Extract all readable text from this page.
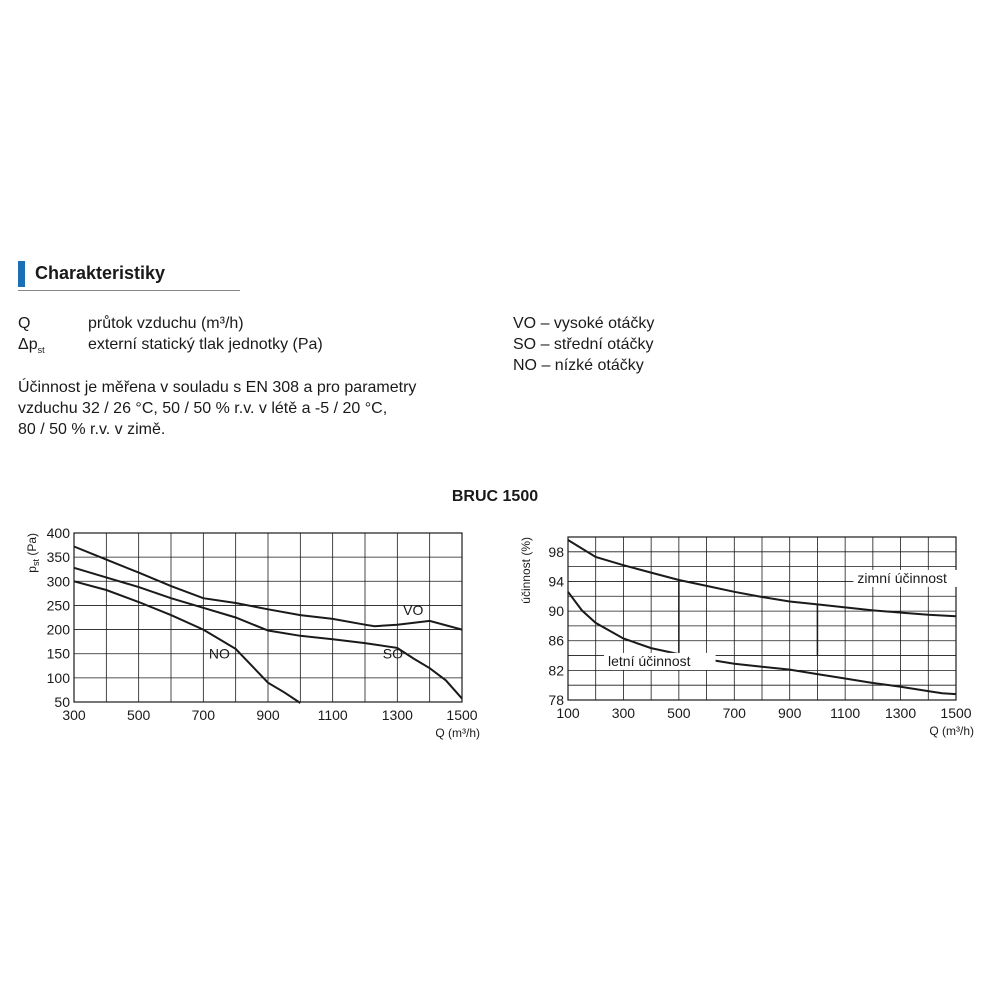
Charakteristiky
Q	průtok vzduchu (m³/h)
$\Delta p_{st}$	externí statický tlak jednotky (Pa)
VO – vysoké otáčky
SO – střední otáčky
NO – nízké otáčky
Účinnost je měřena v souladu s EN 308 a pro parametry
vzduchu 32 / 26 °C, 50 / 50 % r.v. v létě a -5 / 20 °C,
80 / 50 % r.v. v zimě.
BRUC 1500
300	500	700	900	1100 1300 1500
50
100
150
200
250
300
350
400
Q (m³/h)
$p_{st}$ (Pa)
VO
SO
NO
100 300 500 700 900 1100 1300 1500
78
82
86
90
94
98
Q (m³/h)
účinnost (%)	zimní účinnost
letní účinnost
